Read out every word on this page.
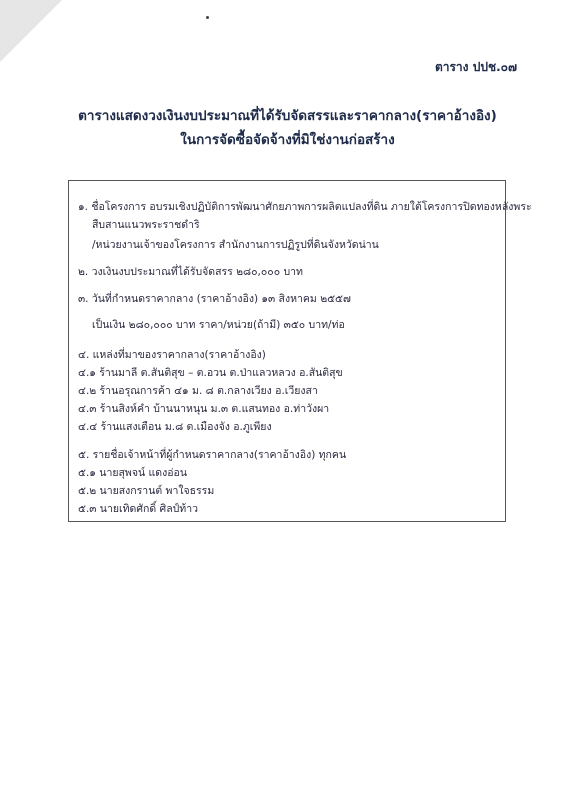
ตาราง ปปช.๐๗
ตารางแสดงวงเงินงบประมาณที่ได้รับจัดสรรและราคากลาง(ราคาอ้างอิง)
ในการจัดซื้อจัดจ้างที่มิใช่งานก่อสร้าง
๑. ชื่อโครงการ อบรมเชิงปฏิบัติการพัฒนาศักยภาพการผลิตแปลงที่ดิน ภายใต้โครงการปิดทองหลังพระ
สืบสานแนวพระราชดำริ
/หน่วยงานเจ้าของโครงการ สำนักงานการปฏิรูปที่ดินจังหวัดน่าน
๒. วงเงินงบประมาณที่ได้รับจัดสรร ๒๘๐,๐๐๐ บาท
๓. วันที่กำหนดราคากลาง (ราคาอ้างอิง) ๑๓ สิงหาคม ๒๕๕๗
เป็นเงิน ๒๘๐,๐๐๐ บาท ราคา/หน่วย(ถ้ามี) ๓๕๐ บาท/ท่อ
๔. แหล่งที่มาของราคากลาง(ราคาอ้างอิง)
๔.๑ ร้านมาลี ต.สันติสุข – ต.อวน ต.ป่าแลวหลวง อ.สันติสุข
๔.๒ ร้านอรุณการค้า ๔๑ ม. ๘ ต.กลางเวียง อ.เวียงสา
๔.๓ ร้านสิงห์คำ บ้านนาหนุน ม.๓ ต.แสนทอง อ.ท่าวังผา
๔.๔ ร้านแสงเตือน ม.๘ ต.เมืองจัง อ.ภูเพียง
๕. รายชื่อเจ้าหน้าที่ผู้กำหนดราคากลาง(ราคาอ้างอิง) ทุกคน
๕.๑ นายสุพจน์ แดงอ่อน
๕.๒ นายสงกรานต์ พาใจธรรม
๕.๓ นายเทิดศักดิ์ ศิลป์ท้าว
